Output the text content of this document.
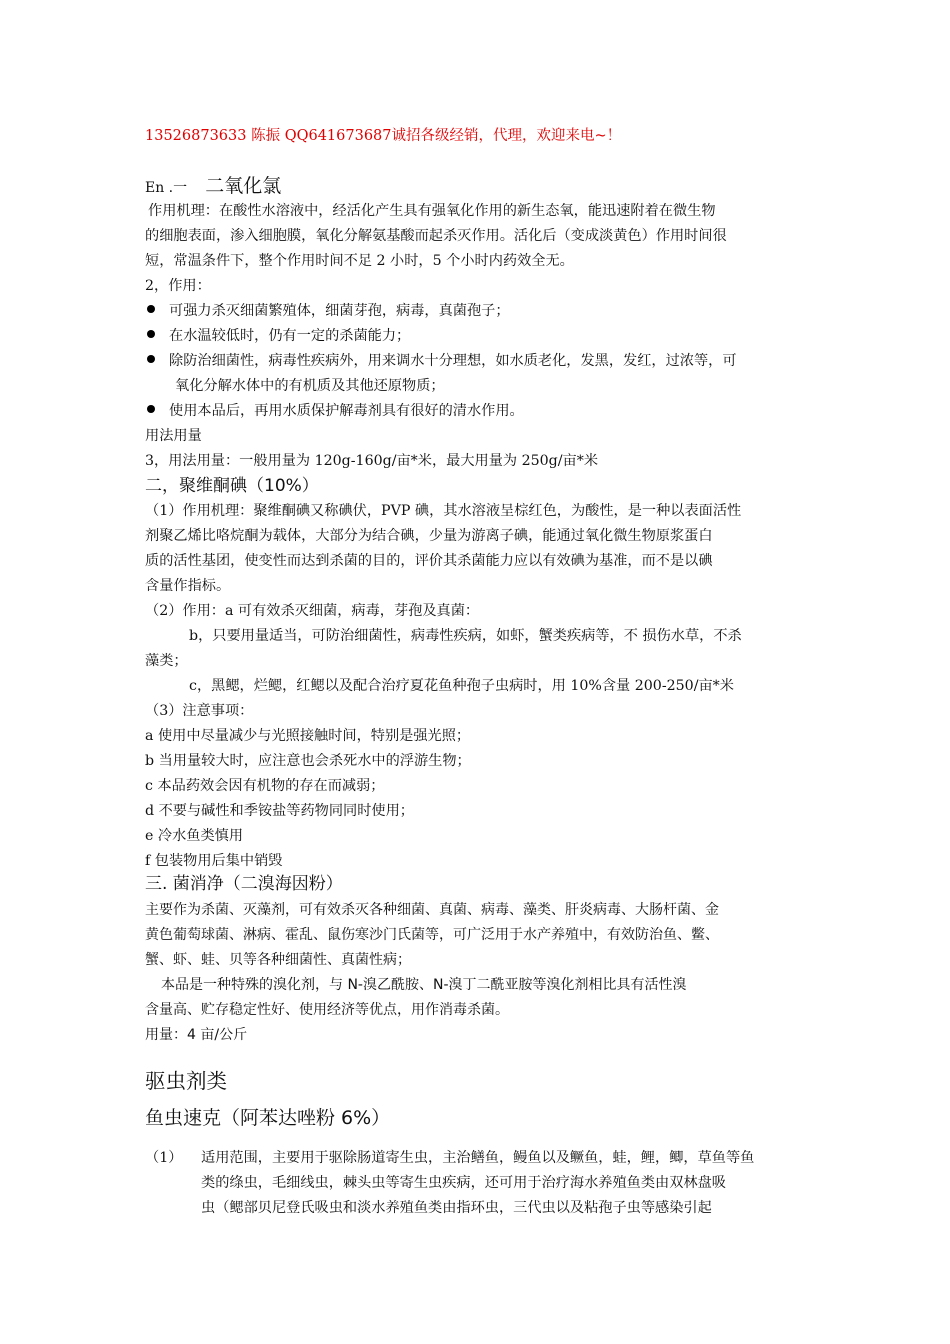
13526873633 陈振 QQ641673687诚招各级经销，代理，欢迎来电~！
En .一 二氧化氯
作用机理：在酸性水溶液中，经活化产生具有强氧化作用的新生态氧，能迅速附着在微生物
的细胞表面，渗入细胞膜，氧化分解氨基酸而起杀灭作用。活化后（变成淡黄色）作用时间很
短，常温条件下，整个作用时间不足 2 小时，5 个小时内药效全无。
2，作用：
可强力杀灭细菌繁殖体，细菌芽孢，病毒，真菌孢子；
在水温较低时，仍有一定的杀菌能力；
除防治细菌性，病毒性疾病外，用来调水十分理想，如水质老化，发黑，发红，过浓等，可
氧化分解水体中的有机质及其他还原物质；
使用本品后，再用水质保护解毒剂具有很好的清水作用。
用法用量
3，用法用量：一般用量为 120g-160g/亩*米，最大用量为 250g/亩*米
二，聚维酮碘（10%）
（1）作用机理：聚维酮碘又称碘伏，PVP 碘，其水溶液呈棕红色，为酸性，是一种以表面活性
剂聚乙烯比咯烷酮为载体，大部分为结合碘，少量为游离子碘，能通过氧化微生物原浆蛋白
质的活性基团，使变性而达到杀菌的目的，评价其杀菌能力应以有效碘为基准，而不是以碘
含量作指标。
（2）作用：a 可有效杀灭细菌，病毒，芽孢及真菌：
b，只要用量适当，可防治细菌性，病毒性疾病，如虾，蟹类疾病等，不 损伤水草，不杀
藻类；
c，黑鳃，烂鳃，红鳃以及配合治疗夏花鱼种孢子虫病时，用 10%含量 200-250/亩*米
（3）注意事项：
a 使用中尽量减少与光照接触时间，特别是强光照；
b 当用量较大时，应注意也会杀死水中的浮游生物；
c 本品药效会因有机物的存在而减弱；
d 不要与碱性和季铵盐等药物同同时使用；
e 冷水鱼类慎用
f 包装物用后集中销毁
三. 菌消净（二溴海因粉）
主要作为杀菌、灭藻剂，可有效杀灭各种细菌、真菌、病毒、藻类、肝炎病毒、大肠杆菌、金
黄色葡萄球菌、淋病、霍乱、鼠伤寒沙门氏菌等，可广泛用于水产养殖中，有效防治鱼、鳖、
蟹、虾、蛙、贝等各种细菌性、真菌性病；
本品是一种特殊的溴化剂，与 N-溴乙酰胺、N-溴丁二酰亚胺等溴化剂相比具有活性溴
含量高、贮存稳定性好、使用经济等优点，用作消毒杀菌。
用量：4 亩/公斤
驱虫剂类
鱼虫速克（阿苯达唑粉 6%）
（1） 适用范围，主要用于驱除肠道寄生虫，主治鳝鱼，鳗鱼以及鳜鱼，蛙，鲤，鲫，草鱼等鱼
类的绦虫，毛细线虫，棘头虫等寄生虫疾病，还可用于治疗海水养殖鱼类由双林盘吸
虫（鳃部贝尼登氏吸虫和淡水养殖鱼类由指环虫，三代虫以及粘孢子虫等感染引起
